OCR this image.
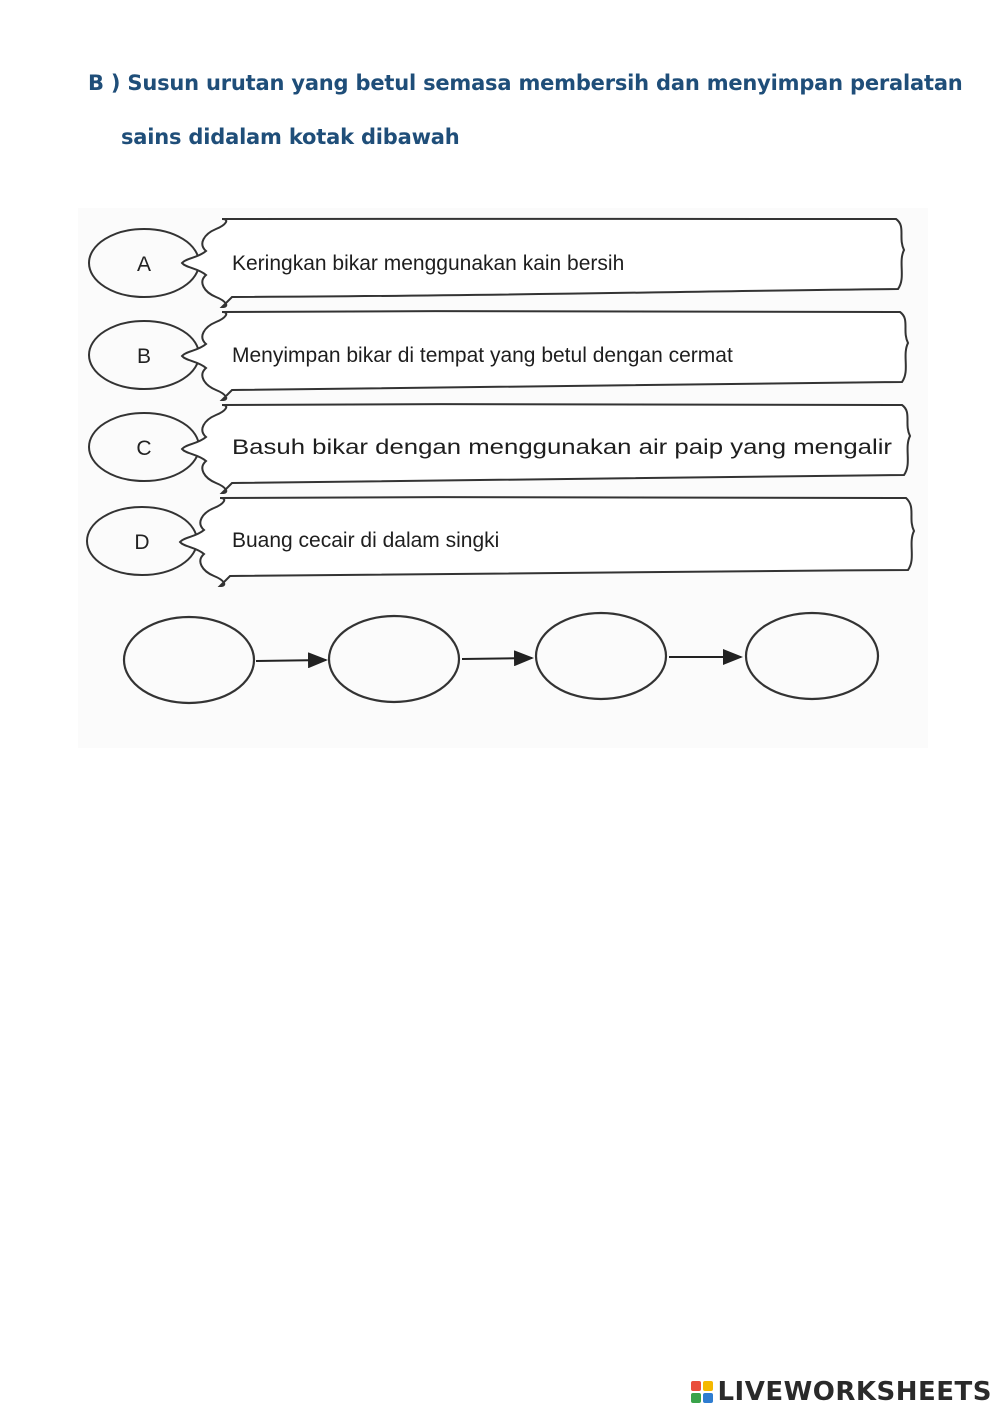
B ) Susun urutan yang betul semasa membersih dan menyimpan peralatan
sains didalam kotak dibawah
A	Keringkan bikar menggunakan kain bersih
B	Menyimpan bikar di tempat yang betul dengan cermat
C	Basuh bikar dengan menggunakan air paip yang mengalir
D	Buang cecair di dalam singki
LIVEWORKSHEETS
